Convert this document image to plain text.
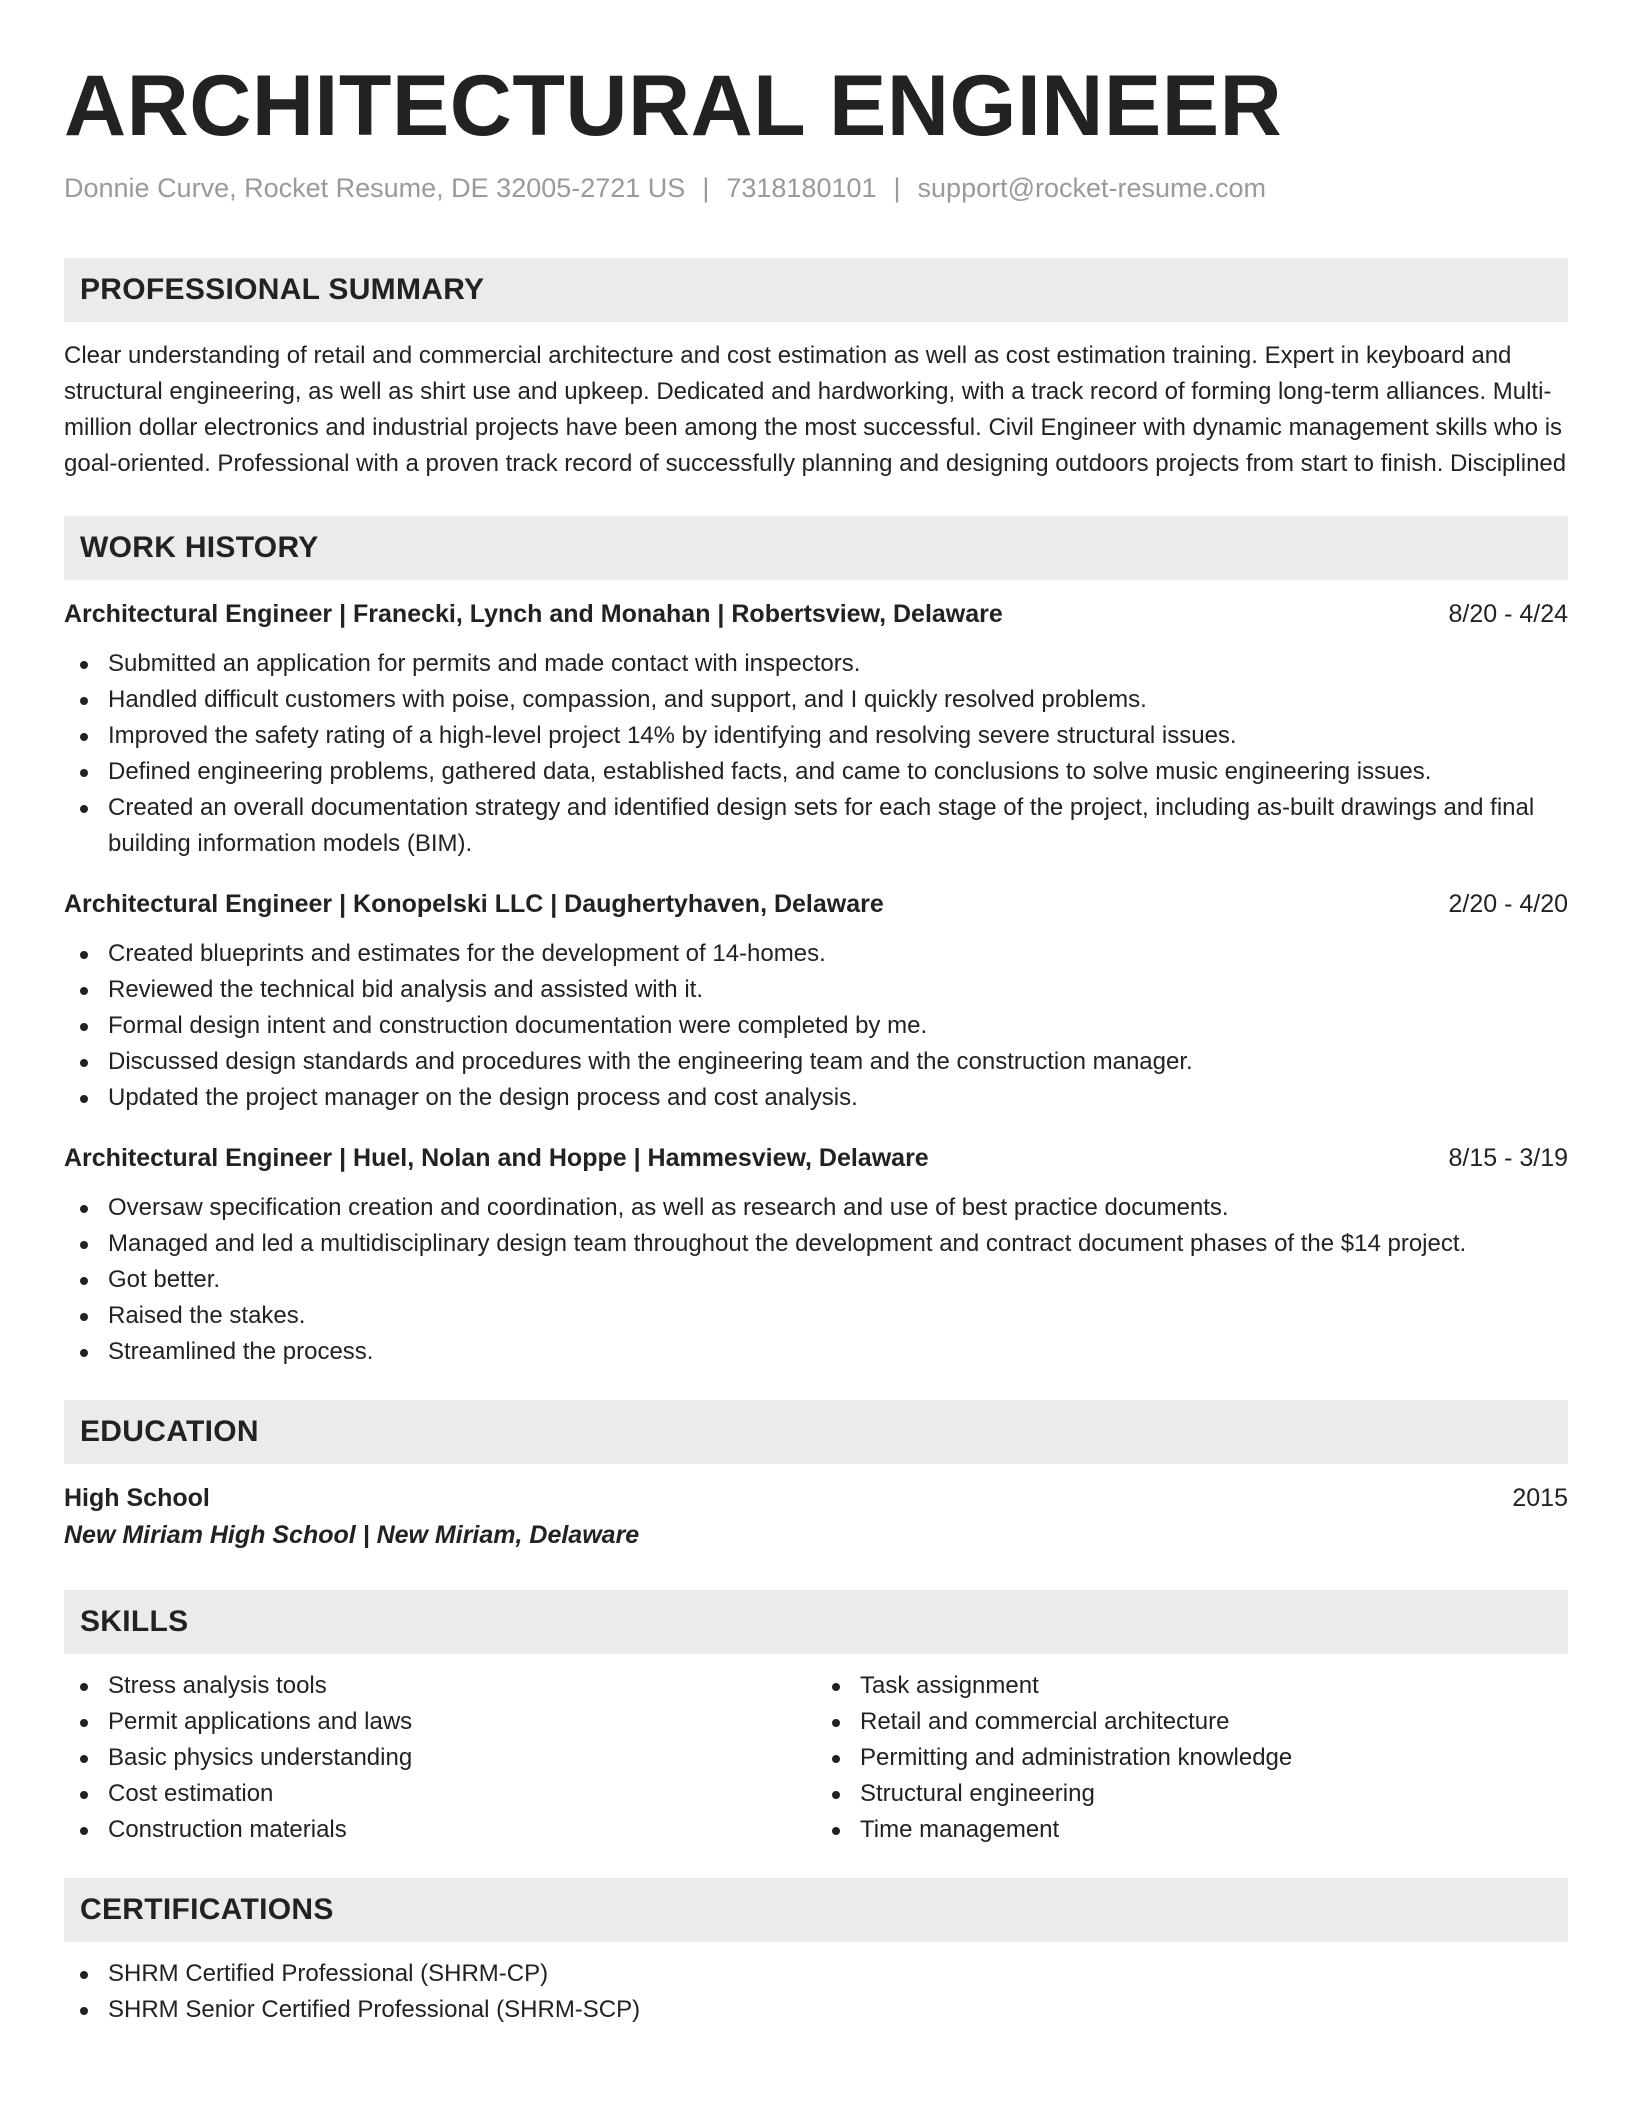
ARCHITECTURAL ENGINEER
Donnie Curve, Rocket Resume, DE 32005-2721 US | 7318180101 | support@rocket-resume.com
PROFESSIONAL SUMMARY

Clear understanding of retail and commercial architecture and cost estimation as well as cost estimation training. Expert in keyboard and structural engineering, as well as shirt use and upkeep. Dedicated and hardworking, with a track record of forming long-term alliances. Multi-million dollar electronics and industrial projects have been among the most successful. Civil Engineer with dynamic management skills who is goal-oriented. Professional with a proven track record of successfully planning and designing outdoors projects from start to finish. Disciplined

WORK HISTORY
Architectural Engineer | Franecki, Lynch and Monahan | Robertsview, Delaware	8/20 - 4/24
Submitted an application for permits and made contact with inspectors.
Handled difficult customers with poise, compassion, and support, and I quickly resolved problems.
Improved the safety rating of a high-level project 14% by identifying and resolving severe structural issues.
Defined engineering problems, gathered data, established facts, and came to conclusions to solve music engineering issues.
Created an overall documentation strategy and identified design sets for each stage of the project, including as-built drawings and final building information models (BIM).
Architectural Engineer | Konopelski LLC | Daughertyhaven, Delaware	2/20 - 4/20
Created blueprints and estimates for the development of 14-homes.
Reviewed the technical bid analysis and assisted with it.
Formal design intent and construction documentation were completed by me.
Discussed design standards and procedures with the engineering team and the construction manager.
Updated the project manager on the design process and cost analysis.
Architectural Engineer | Huel, Nolan and Hoppe | Hammesview, Delaware	8/15 - 3/19
Oversaw specification creation and coordination, as well as research and use of best practice documents.
Managed and led a multidisciplinary design team throughout the development and contract document phases of the $14 project.
Got better.
Raised the stakes.
Streamlined the process.
EDUCATION
High School	2015
New Miriam High School | New Miriam, Delaware
SKILLS
Stress analysis tools
Permit applications and laws
Basic physics understanding
Cost estimation
Construction materials
Task assignment
Retail and commercial architecture
Permitting and administration knowledge
Structural engineering
Time management
CERTIFICATIONS
SHRM Certified Professional (SHRM-CP)
SHRM Senior Certified Professional (SHRM-SCP)
